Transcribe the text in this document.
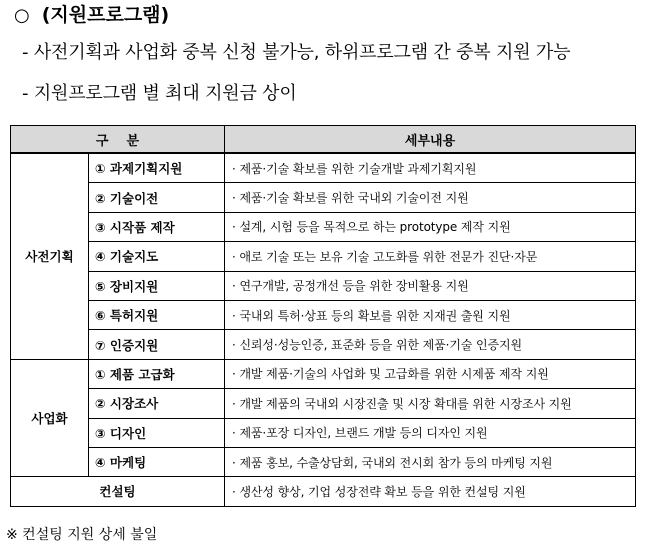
○ (지원프로그램)
- 사전기획과 사업화 중복 신청 불가능, 하위프로그램 간 중복 지원 가능
- 지원프로그램 별 최대 지원금 상이
구    분		세부내용
사전기획	① 과제기획지원	· 제품·기술 확보를 위한 기술개발 과제기획지원
	② 기술이전	· 제품·기술 확보를 위한 국내외 기술이전 지원
	③ 시작품 제작	· 설계, 시험 등을 목적으로 하는 prototype 제작 지원
	④ 기술지도	· 애로 기술 또는 보유 기술 고도화를 위한 전문가 진단·자문
	⑤ 장비지원	· 연구개발, 공정개선 등을 위한 장비활용 지원
	⑥ 특허지원	· 국내외 특허·상표 등의 확보를 위한 지재권 출원 지원
	⑦ 인증지원	· 신뢰성·성능인증, 표준화 등을 위한 제품·기술 인증지원
사업화	① 제품 고급화	· 개발 제품·기술의 사업화 및 고급화를 위한 시제품 제작 지원
	② 시장조사	· 개발 제품의 국내외 시장진출 및 시장 확대를 위한 시장조사 지원
	③ 디자인	· 제품·포장 디자인, 브랜드 개발 등의 디자인 지원
	④ 마케팅	· 제품 홍보, 수출상담회, 국내외 전시회 참가 등의 마케팅 지원
컨설팅		· 생산성 향상, 기업 성장전략 확보 등을 위한 컨설팅 지원
※ 컨설팅 지원 상세 불일
